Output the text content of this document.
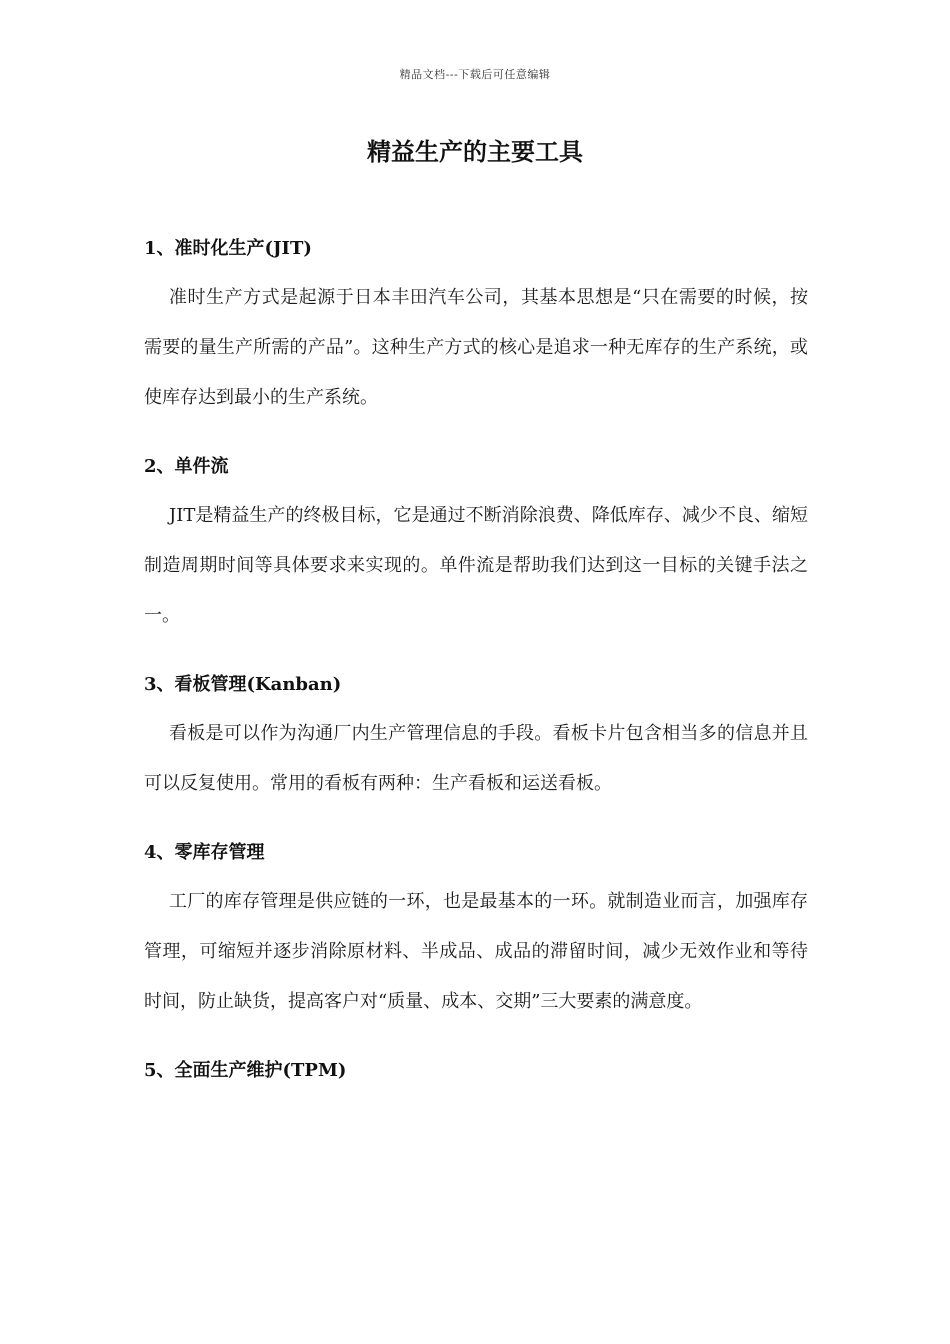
精品文档---下载后可任意编辑
精益生产的主要工具
1、准时化生产(JIT)

准时生产方式是起源于日本丰田汽车公司，其基本思想是“只在需要的时候，按需要的量生产所需的产品”。这种生产方式的核心是追求一种无库存的生产系统，或使库存达到最小的生产系统。

2、单件流

JIT是精益生产的终极目标，它是通过不断消除浪费、降低库存、减少不良、缩短制造周期时间等具体要求来实现的。单件流是帮助我们达到这一目标的关键手法之一。

3、看板管理(Kanban)

看板是可以作为沟通厂内生产管理信息的手段。看板卡片包含相当多的信息并且可以反复使用。常用的看板有两种：生产看板和运送看板。

4、零库存管理

工厂的库存管理是供应链的一环，也是最基本的一环。就制造业而言，加强库存管理，可缩短并逐步消除原材料、半成品、成品的滞留时间，减少无效作业和等待时间，防止缺货，提高客户对“质量、成本、交期”三大要素的满意度。

5、全面生产维护(TPM)
